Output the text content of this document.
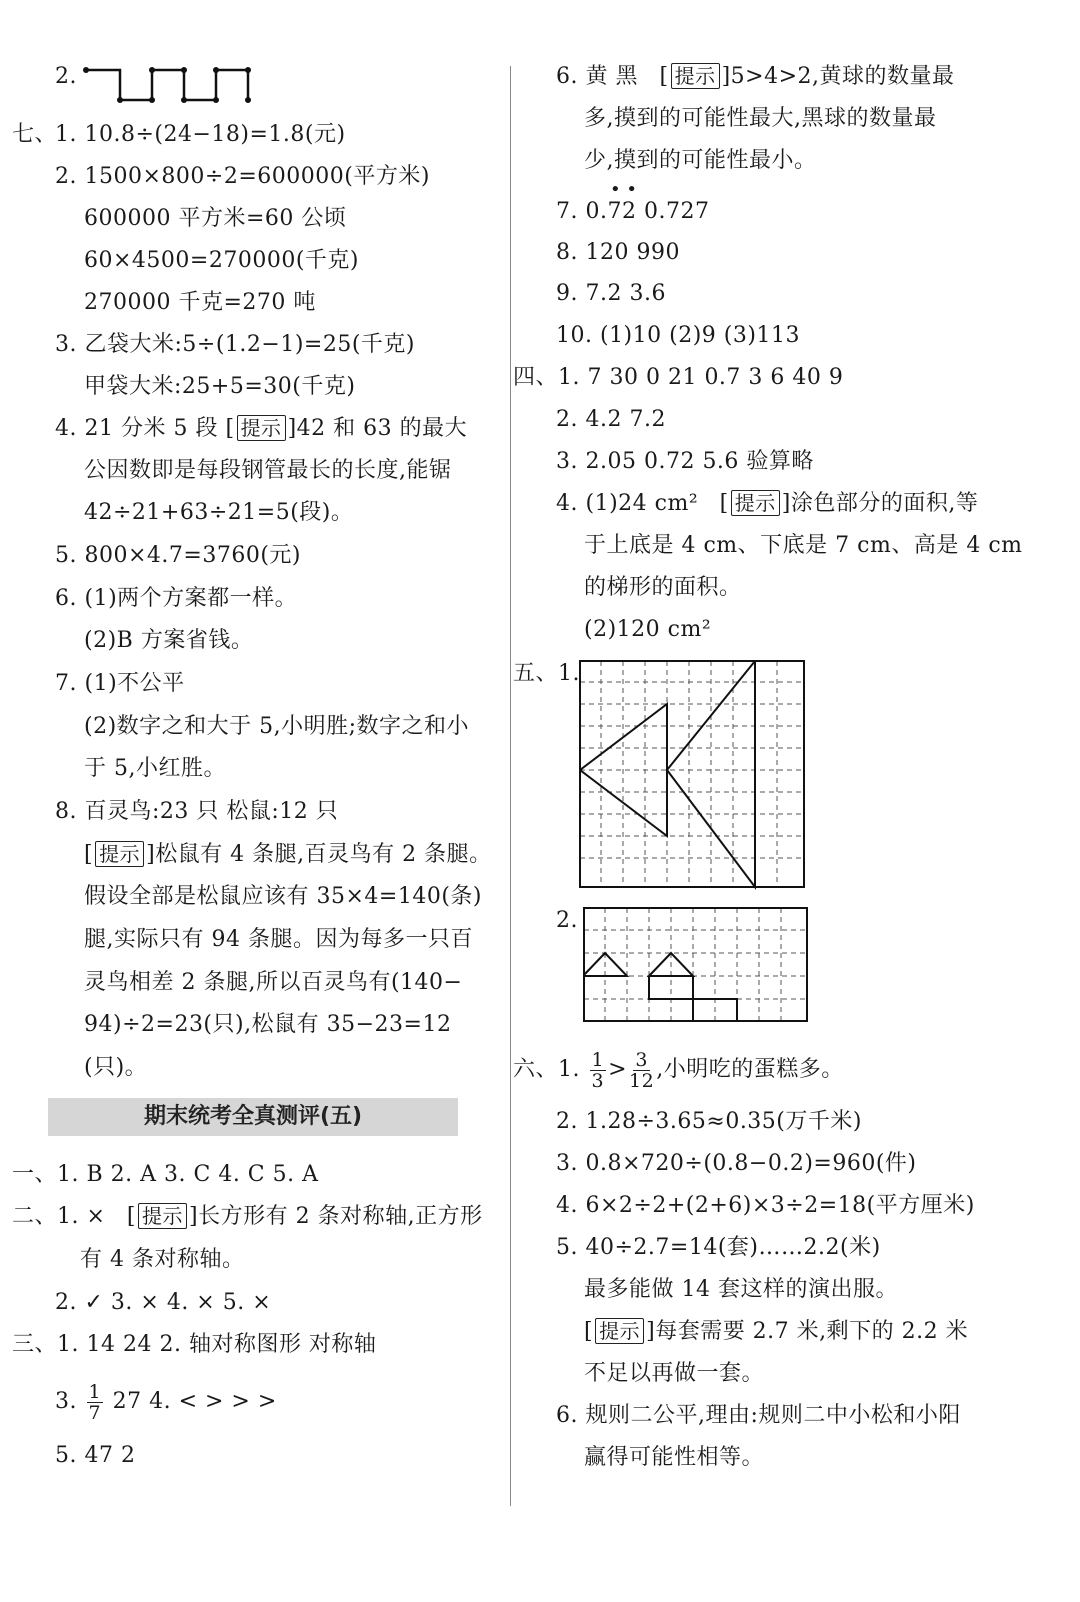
2.
七、
1. 10.8÷(24−18)=1.8(元)
2. 1500×800÷2=600000(平方米)
600000 平方米=60 公顷
60×4500=270000(千克)
270000 千克=270 吨
3. 乙袋大米:5÷(1.2−1)=25(千克)
甲袋大米:25+5=30(千克)
4. 21 分米 5 段 [ 提示 ]42 和 63 的最大
公因数即是每段钢管最长的长度,能锯
42÷21+63÷21=5(段)。
5. 800×4.7=3760(元)
6. (1)两个方案都一样。
(2)B 方案省钱。
7. (1)不公平
(2)数字之和大于 5,小明胜;数字之和小
于 5,小红胜。
8. 百灵鸟:23 只 松鼠:12 只
[ 提示 ]松鼠有 4 条腿,百灵鸟有 2 条腿。
假设全部是松鼠应该有 35×4=140(条)
腿,实际只有 94 条腿。因为每多一只百
灵鸟相差 2 条腿,所以百灵鸟有(140−
94)÷2=23(只),松鼠有 35−23=12
(只)。
期末统考全真测评(五)
一、1. B 2. A 3. C 4. C 5. A
二、1. × [ 提示 ]长方形有 2 条对称轴,正方形
有 4 条对称轴。
2. ✓ 3. × 4. × 5. ×
三、1. 14 24 2. 轴对称图形 对称轴
3. $\frac{1}{7} 27$ 4. < > > >
5. 47 2
6. 黄 黑 [ 提示 ]5>4>2,黄球的数量最
多,摸到的可能性最大,黑球的数量最
少,摸到的可能性最小。
• •
7. 0.72 0.727
8. 120 990
9. 7.2 3.6
10. (1)10 (2)9 (3)113
四、1. 7 30 0 21 0.7 3 6 40 9
2. 4.2 7.2
3. 2.05 0.72 5.6 验算略
4. (1)24 cm² [ 提示 ]涂色部分的面积,等
于上底是 4 cm、下底是 7 cm、高是 4 cm
的梯形的面积。
(2)120 cm²
五、1.
2.
六、1. $\frac{1}{3} > \frac{3}{12}$ ,小明吃的蛋糕多。
2. 1.28÷3.65≈0.35(万千米)
3. 0.8×720÷(0.8−0.2)=960(件)
4. 6×2÷2+(2+6)×3÷2=18(平方厘米)
5. 40÷2.7=14(套)……2.2(米)
最多能做 14 套这样的演出服。
[ 提示 ]每套需要 2.7 米,剩下的 2.2 米
不足以再做一套。
6. 规则二公平,理由:规则二中小松和小阳
赢得可能性相等。
